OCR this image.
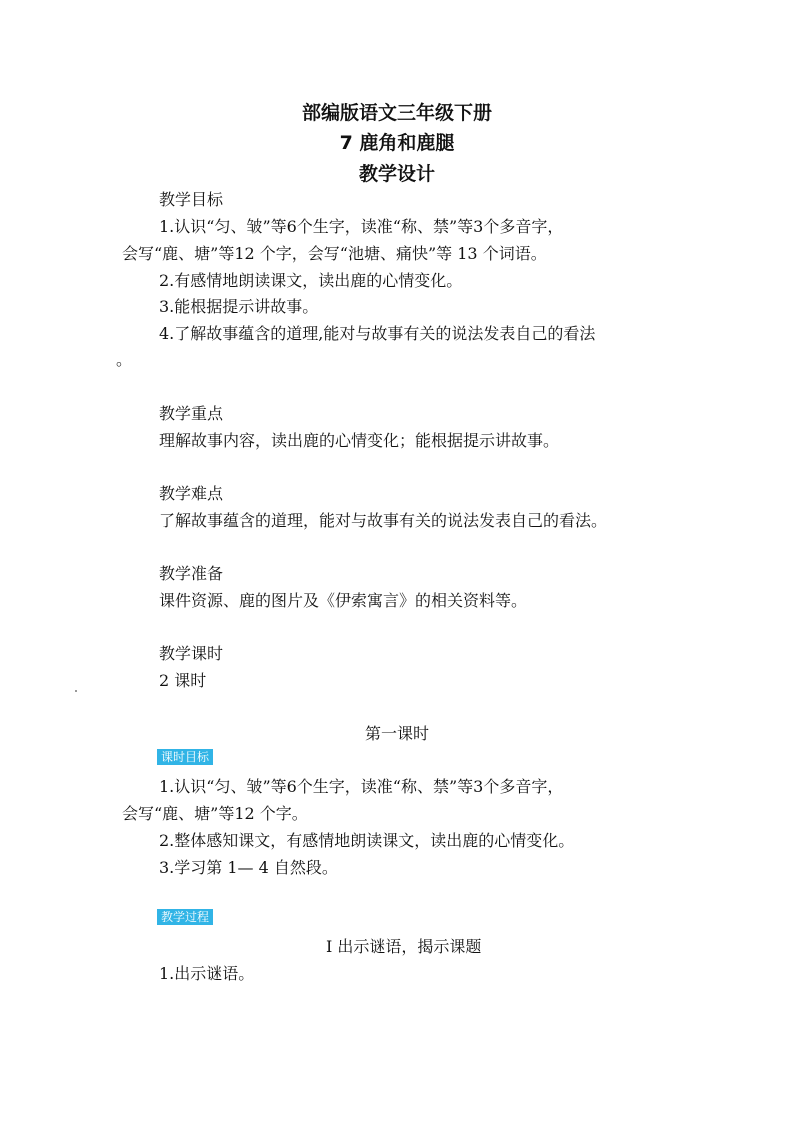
部编版语文三年级下册
7 鹿角和鹿腿
教学设计
教学目标
1.认识“匀、皱”等6个生字，读准“称、禁”等3个多音字，
会写“鹿、塘”等12 个字，会写“池塘、痛快”等 13 个词语。
2.有感情地朗读课文，读出鹿的心情变化。
3.能根据提示讲故事。
4.了解故事蕴含的道理,能对与故事有关的说法发表自己的看法
。
教学重点
理解故事内容，读出鹿的心情变化；能根据提示讲故事。
教学难点
了解故事蕴含的道理，能对与故事有关的说法发表自己的看法。
教学准备
课件资源、鹿的图片及《伊索寓言》的相关资料等。
教学课时
2 课时
第一课时
课时目标
1.认识“匀、皱”等6个生字，读准“称、禁”等3个多音字，
会写“鹿、塘”等12 个字。
2.整体感知课文，有感情地朗读课文，读出鹿的心情变化。
3.学习第 1— 4 自然段。
教学过程
Ⅰ 出示谜语，揭示课题
1.出示谜语。
